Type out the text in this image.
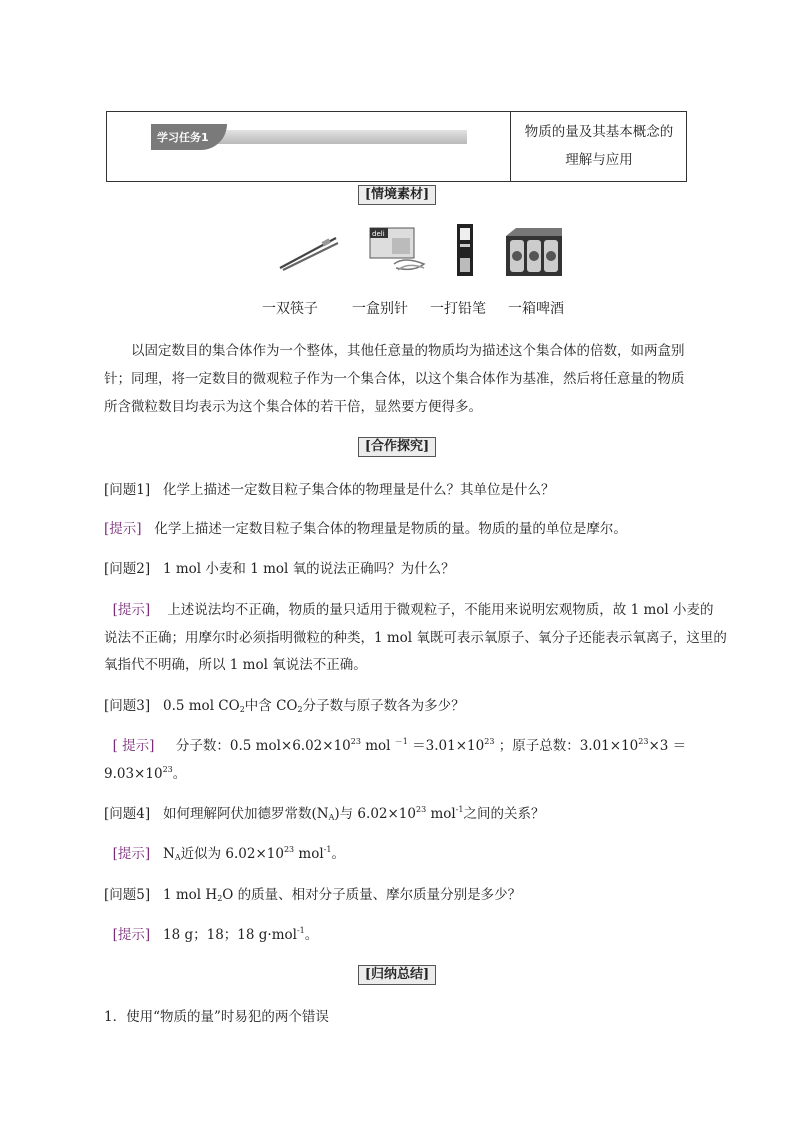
学习任务1	物质的量及其基本概念的
理解与应用
[情境素材]
deli
一双筷子 一盒别针 一打铅笔 一箱啤酒
以固定数目的集合体作为一个整体，其他任意量的物质均为描述这个集合体的倍数，如两盒别针；同理，将一定数目的微观粒子作为一个集合体，以这个集合体作为基准，然后将任意量的物质所含微粒数目均表示为这个集合体的若干倍，显然要方便得多。
[合作探究]
[问题1] 化学上描述一定数目粒子集合体的物理量是什么？其单位是什么？
[提示] 化学上描述一定数目粒子集合体的物理量是物质的量。物质的量的单位是摩尔。
[问题2] 1 mol 小麦和 1 mol 氧的说法正确吗？为什么？
[提示] 上述说法均不正确，物质的量只适用于微观粒子，不能用来说明宏观物质，故 1 mol 小麦的
说法不正确；用摩尔时必须指明微粒的种类，1 mol 氧既可表示氧原子、氧分子还能表示氧离子，这里的
氧指代不明确，所以 1 mol 氧说法不正确。
[问题3] 0.5 mol $CO_2$中含 $CO_2$分子数与原子数各为多少？
[ 提示] 分子数：0.5 $mol\times 6.02\times 10^{23}$ mol $^{-1} =3.01\times 10^{23}$ ；原子总数：$3.01\times 10^{23}\times 3$ ＝
$9.03\times 10^{23}$。
[问题4] 如何理解阿伏加德罗常数$(N_A)$与 $6.02\times 10^{23}$ mol$^{-1}$之间的关系？
[提示] $N_A$近似为 $6.02\times 10^{23}$ mol$^{-1}$。
[问题5] 1 mol $H_2O$ 的质量、相对分子质量、摩尔质量分别是多少？
[提示] 18 g；18；18 g·mol$^{-1}$。
[归纳总结]
1．使用“物质的量”时易犯的两个错误
